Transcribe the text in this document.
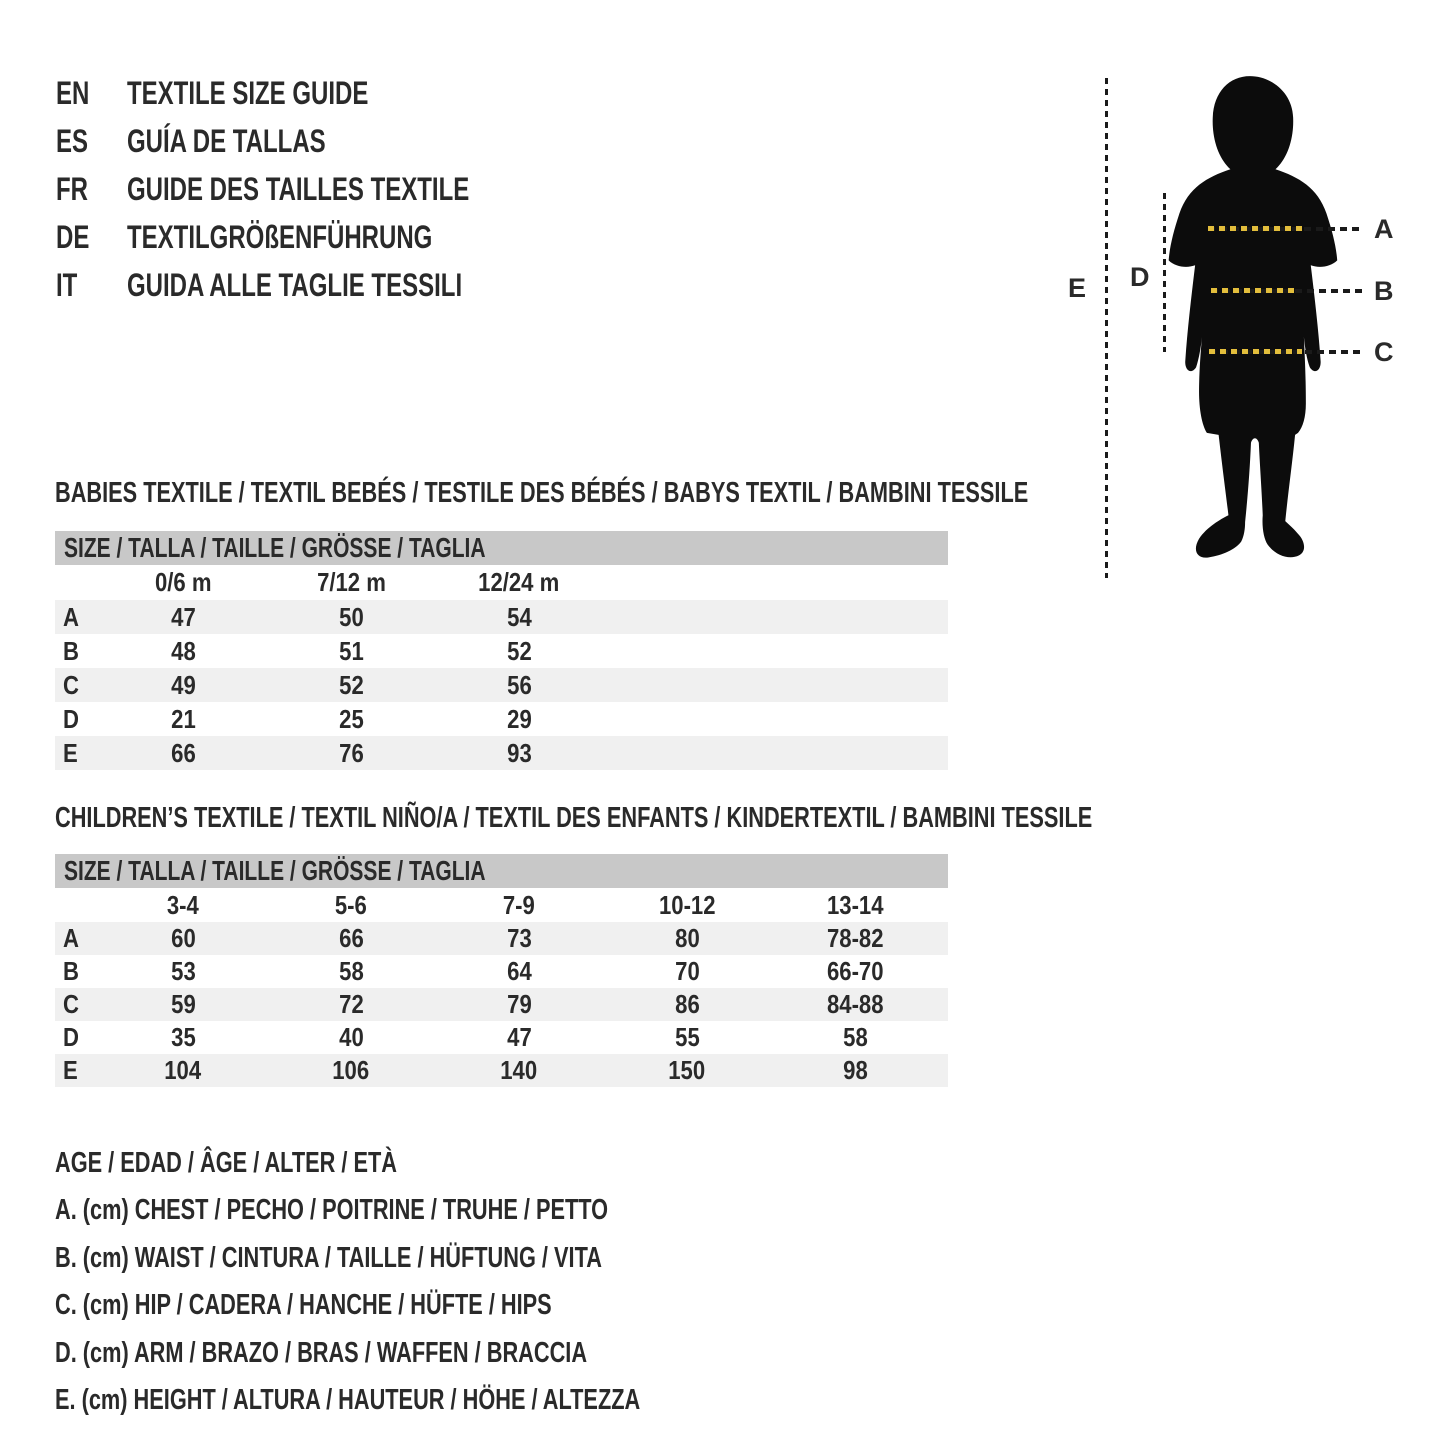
EN	TEXTILE SIZE GUIDE
ES	GUÍA DE TALLAS
FR	GUIDE DES TAILLES TEXTILE
DE	TEXTILGRÖßENFÜHRUNG
IT GUIDA ALLE TAGLIE TESSILI	E D
A
B
C
BABIES TEXTILE / TEXTIL BEBÉS / TESTILE DES BÉBÉS / BABYS TEXTIL / BAMBINI TESSILE
SIZE / TALLA / TAILLE / GRÖSSE / TAGLIA
0/6 m	7/12 m	12/24 m
A	47	50	54
B	48	51	52
C	49	52	56
D	21	25	29
E	66	76	93
CHILDREN’S TEXTILE / TEXTIL NIÑO/A / TEXTIL DES ENFANTS / KINDERTEXTIL / BAMBINI TESSILE
SIZE / TALLA / TAILLE / GRÖSSE / TAGLIA
3-4	5-6	7-9	10-12	13-14
A	60	66	73	80	78-82
B	53	58	64	70	66-70
C	59	72	79	86	84-88
D	35	40	47	55	58
E	104	106	140	150	98
AGE / EDAD / ÂGE / ALTER / ETÀ
A. (cm) CHEST / PECHO / POITRINE / TRUHE / PETTO
B. (cm) WAIST / CINTURA / TAILLE / HÜFTUNG / VITA
C. (cm) HIP / CADERA / HANCHE / HÜFTE / HIPS
D. (cm) ARM / BRAZO / BRAS / WAFFEN / BRACCIA
E. (cm) HEIGHT / ALTURA / HAUTEUR / HÖHE / ALTEZZA
